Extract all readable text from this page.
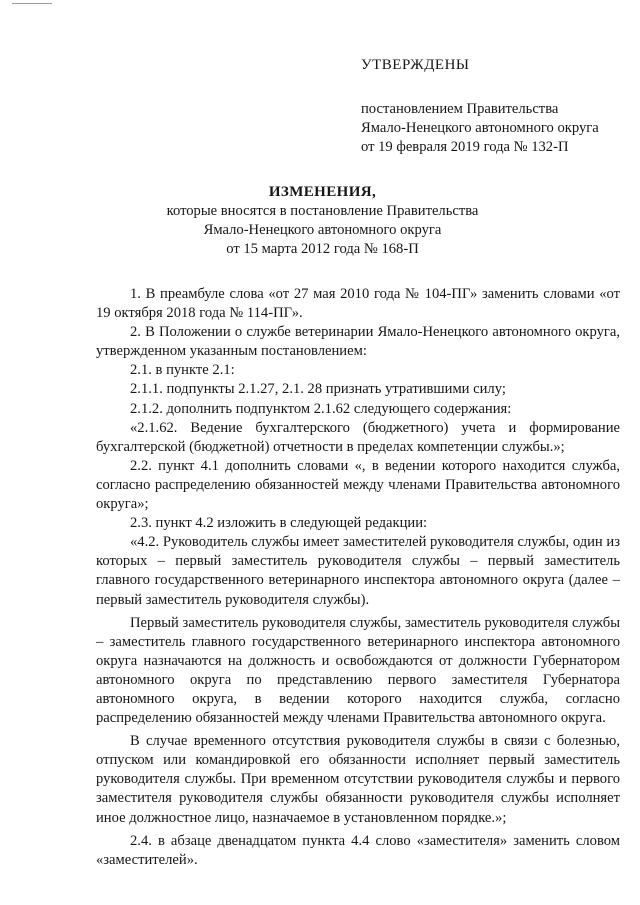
УТВЕРЖДЕНЫ
постановлением Правительства
Ямало-Ненецкого автономного округа
от 19 февраля 2019 года № 132-П
ИЗМЕНЕНИЯ,
которые вносятся в постановление Правительства
Ямало-Ненецкого автономного округа
от 15 марта 2012 года № 168-П

1. В преамбуле слова «от 27 мая 2010 года № 104-ПГ» заменить словами «от 19 октября 2018 года № 114-ПГ».

2. В Положении о службе ветеринарии Ямало-Ненецкого автономного округа, утвержденном указанным постановлением:

2.1. в пункте 2.1:

2.1.1. подпункты 2.1.27, 2.1. 28 признать утратившими силу;

2.1.2. дополнить подпунктом 2.1.62 следующего содержания:

«2.1.62. Ведение бухгалтерского (бюджетного) учета и формирование бухгалтерской (бюджетной) отчетности в пределах компетенции службы.»;

2.2. пункт 4.1 дополнить словами «, в ведении которого находится служба, согласно распределению обязанностей между членами Правительства автономного округа»;

2.3. пункт 4.2 изложить в следующей редакции:

«4.2. Руководитель службы имеет заместителей руководителя службы, один из которых – первый заместитель руководителя службы – первый заместитель главного государственного ветеринарного инспектора автономного округа (далее – первый заместитель руководителя службы).

Первый заместитель руководителя службы, заместитель руководителя службы – заместитель главного государственного ветеринарного инспектора автономного округа назначаются на должность и освобождаются от должности Губернатором автономного округа по представлению первого заместителя Губернатора автономного округа, в ведении которого находится служба, согласно распределению обязанностей между членами Правительства автономного округа.

В случае временного отсутствия руководителя службы в связи с болезнью, отпуском или командировкой его обязанности исполняет первый заместитель руководителя службы. При временном отсутствии руководителя службы и первого заместителя руководителя службы обязанности руководителя службы исполняет иное должностное лицо, назначаемое в установленном порядке.»;

2.4. в абзаце двенадцатом пункта 4.4 слово «заместителя» заменить словом «заместителей».
